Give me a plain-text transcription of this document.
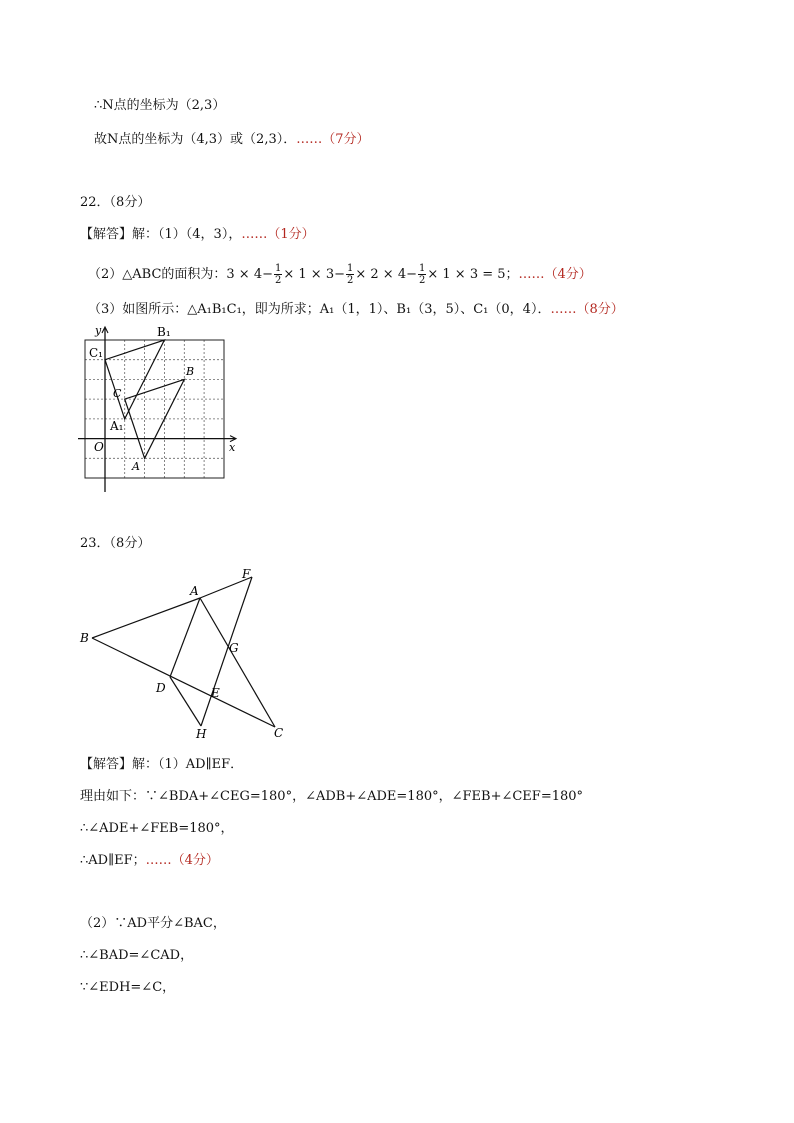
∴N点的坐标为（2,3）
故N点的坐标为（4,3）或（2,3）．……（7分）
22．（8分）
【解答】解：（1）（4，3），……（1分）
（2）△ABC的面积为：$3 \times 4- \frac{1}{2} \times 1 \times 3- \frac{1}{2} \times 2 \times 4- \frac{1}{2} \times 1 \times 3 = 5$；……（4分）
（3）如图所示：△A₁B₁C₁，即为所求；A₁（1，1）、B₁（3，5）、C₁（0，4）．……（8分）
y
x
O
A
B
C
A₁
B₁
C₁
23．（8分）
A
B
C
D	E
F
G
H
【解答】解：（1）AD∥EF．
理由如下：∵∠BDA+∠CEG=180°，∠ADB+∠ADE=180°，∠FEB+∠CEF=180°
∴∠ADE+∠FEB=180°，
∴AD∥EF；……（4分）
（2）∵AD平分∠BAC，
∴∠BAD=∠CAD，
∵∠EDH=∠C，
